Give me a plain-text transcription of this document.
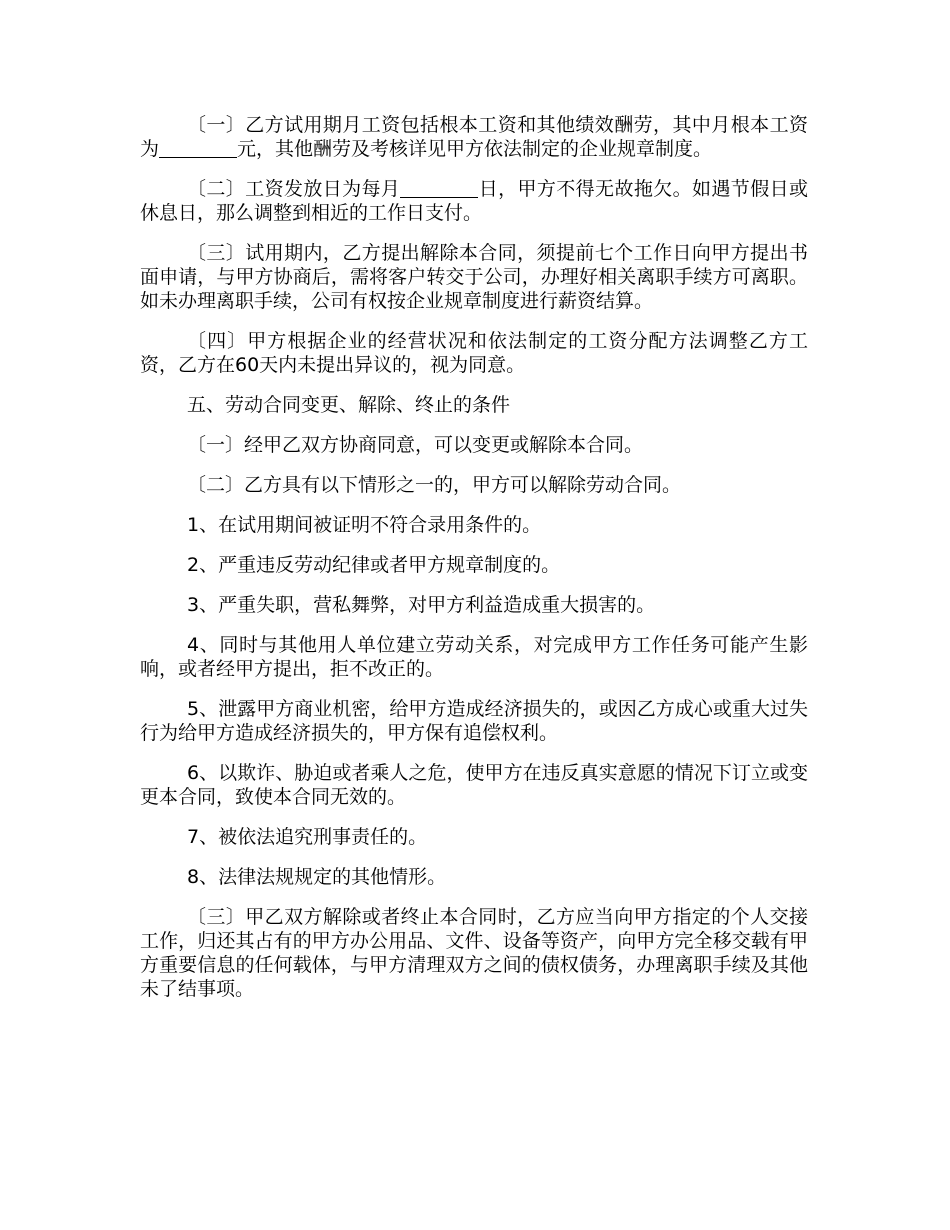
〔一〕乙方试用期月工资包括根本工资和其他绩效酬劳，其中月根本工资为	元，其他酬劳及考核详见甲方依法制定的企业规章制度。

〔二〕工资发放日为每月	日，甲方不得无故拖欠。如遇节假日或休息日，那么调整到相近的工作日支付。

〔三〕试用期内，乙方提出解除本合同，须提前七个工作日向甲方提出书面申请，与甲方协商后，需将客户转交于公司，办理好相关离职手续方可离职。如未办理离职手续，公司有权按企业规章制度进行薪资结算。

〔四〕甲方根据企业的经营状况和依法制定的工资分配方法调整乙方工资，乙方在60天内未提出异议的，视为同意。

五、劳动合同变更、解除、终止的条件

〔一〕经甲乙双方协商同意，可以变更或解除本合同。

〔二〕乙方具有以下情形之一的，甲方可以解除劳动合同。

1、在试用期间被证明不符合录用条件的。

2、严重违反劳动纪律或者甲方规章制度的。

3、严重失职，营私舞弊，对甲方利益造成重大损害的。

4、同时与其他用人单位建立劳动关系，对完成甲方工作任务可能产生影响，或者经甲方提出，拒不改正的。

5、泄露甲方商业机密，给甲方造成经济损失的，或因乙方成心或重大过失行为给甲方造成经济损失的，甲方保有追偿权利。

6、以欺诈、胁迫或者乘人之危，使甲方在违反真实意愿的情况下订立或变更本合同，致使本合同无效的。

7、被依法追究刑事责任的。

8、法律法规规定的其他情形。

〔三〕甲乙双方解除或者终止本合同时，乙方应当向甲方指定的个人交接工作，归还其占有的甲方办公用品、文件、设备等资产，向甲方完全移交载有甲方重要信息的任何载体，与甲方清理双方之间的债权债务，办理离职手续及其他未了结事项。
